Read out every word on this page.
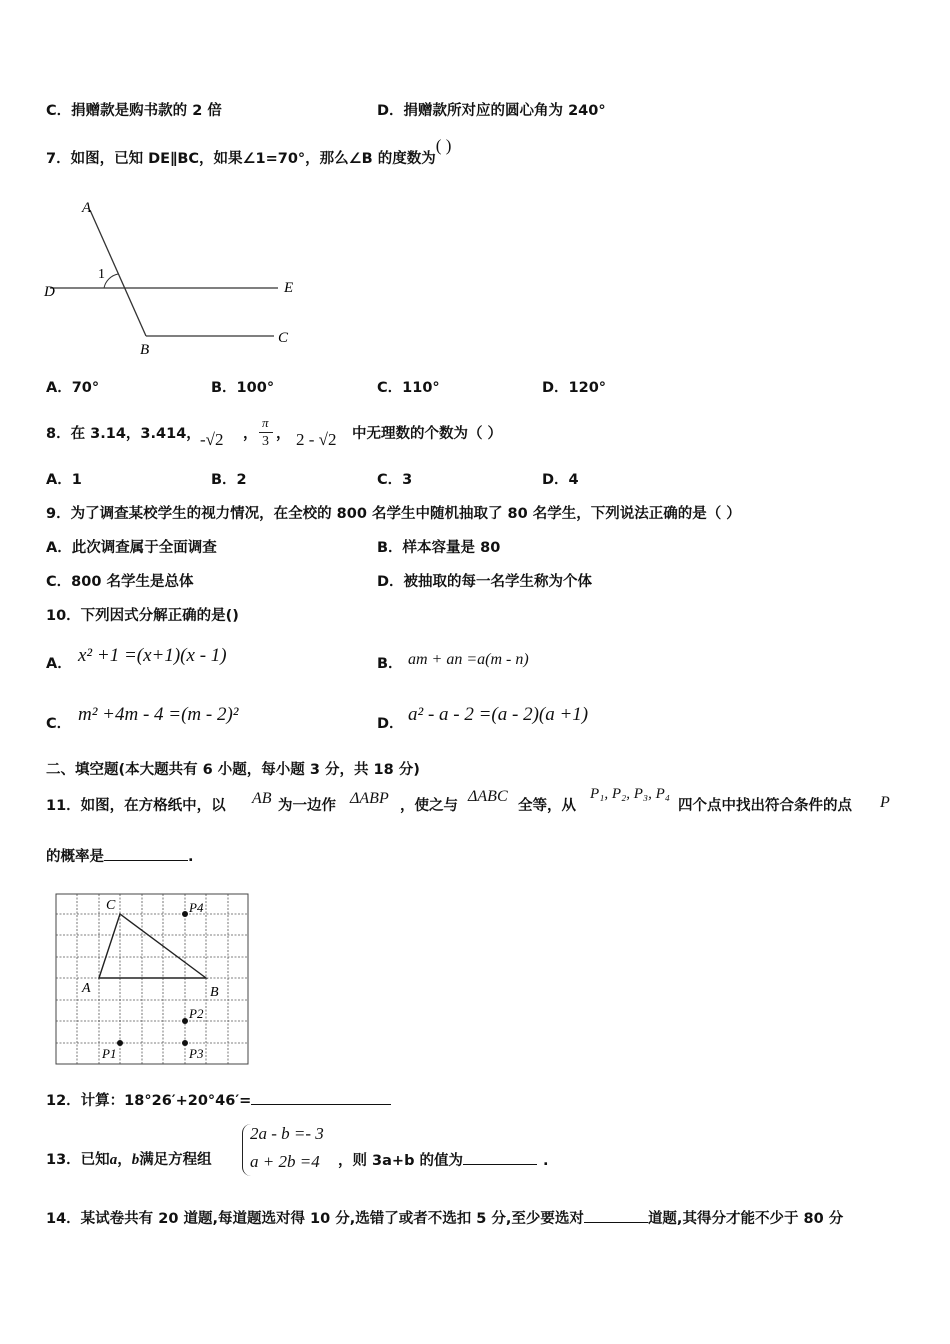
C．捐赠款是购书款的 2 倍	D．捐赠款所对应的圆心角为 240°
7．如图，已知 DE∥BC，如果∠1=70°，那么∠B 的度数为( )
A
1
D	E
B
C
A．70°	B．100°	C．110°	D．120°
8．在 3.14，3.414， -√2 ，
π
3 ， 2 - √2 中无理数的个数为（ ）
A．1	B．2	C．3	D．4
9．为了调查某校学生的视力情况，在全校的 800 名学生中随机抽取了 80 名学生，下列说法正确的是（ ）
A．此次调查属于全面调查	B．样本容量是 80
C．800 名学生是总体	D．被抽取的每一名学生称为个体
10．下列因式分解正确的是()
A． x² +1 =(x+1)(x - 1)	B． am + an =a(m - n)
C． m² +4m - 4 =(m - 2)²	D． a² - a - 2 =(a - 2)(a +1)
二、填空题(本大题共有 6 小题，每小题 3 分，共 18 分)
11．如图，在方格纸中，以 AB 为一边作 ΔABP ，使之与
ΔABC
全等，从
P₁, P₂, P₃, P₄
四个点中找出符合条件的点 P
的概率是	.
C
A	B
P4
P2
P1	P3
12．计算：18°26′+20°46′=
13．已知a，b满足方程组
2a - b =- 3
a + 2b =4 ，则 3a+b 的值为	.
14．某试卷共有 20 道题,每道题选对得 10 分,选错了或者不选扣 5 分,至少要选对	道题,其得分才能不少于 80 分
